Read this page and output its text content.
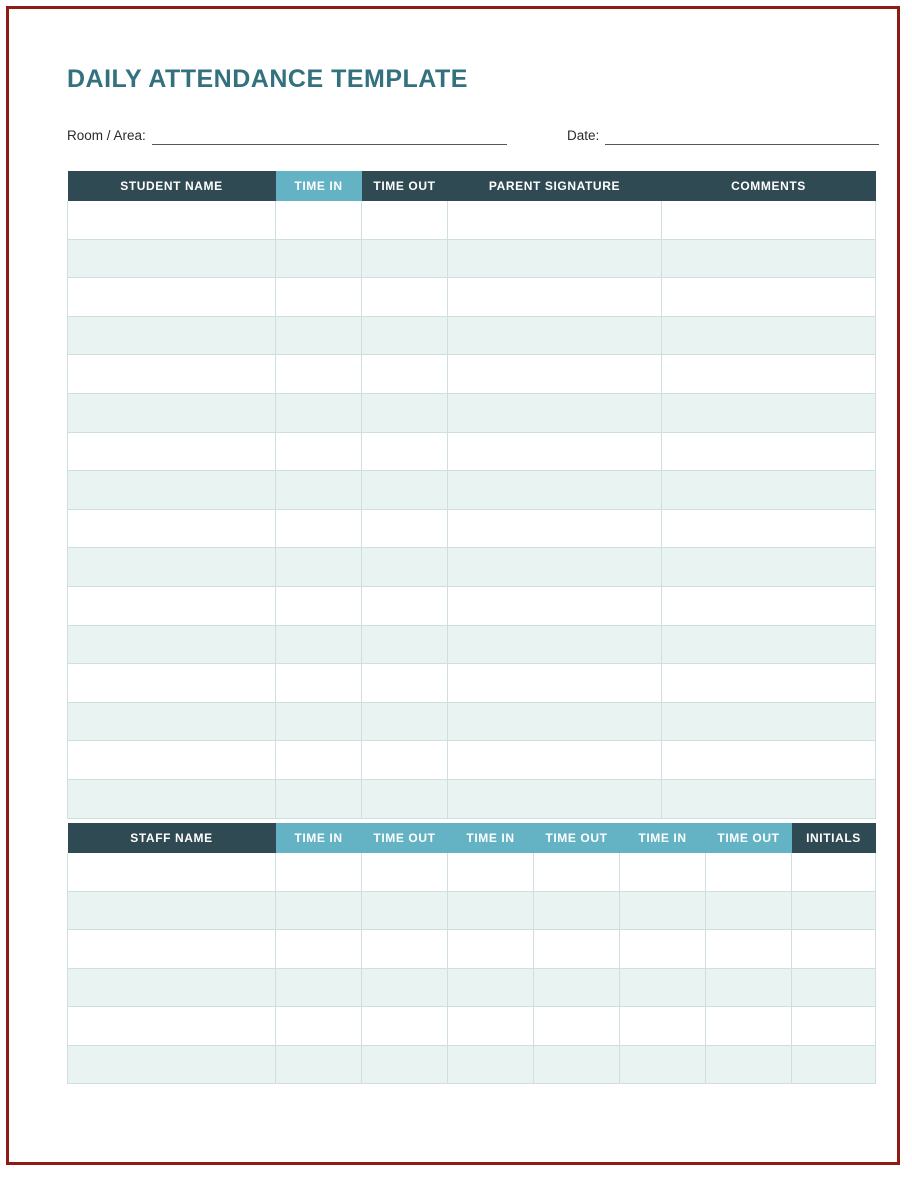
DAILY ATTENDANCE TEMPLATE
Room / Area:	Date:
STUDENT NAME	TIME IN	TIME OUT	PARENT SIGNATURE	COMMENTS

STAFF NAME	TIME IN	TIME OUT	TIME IN	TIME OUT	TIME IN	TIME OUT	INITIALS
